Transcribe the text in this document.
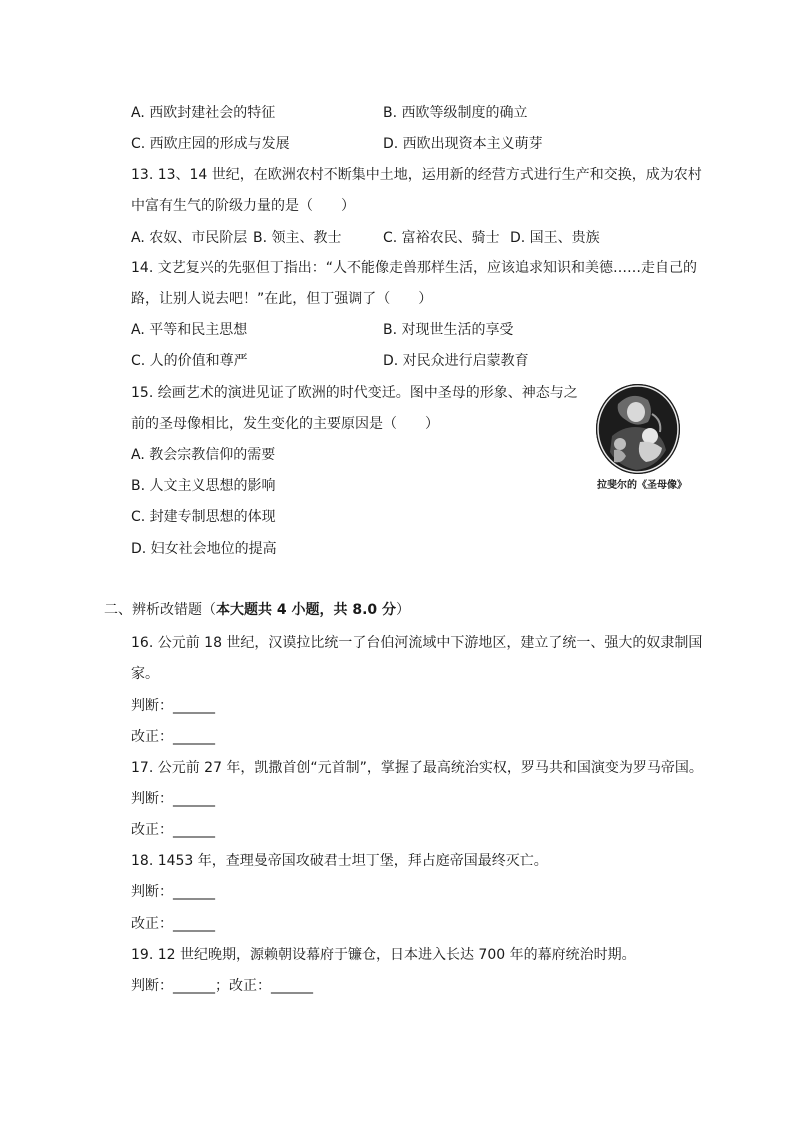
A. 西欧封建社会的特征	B. 西欧等级制度的确立
C. 西欧庄园的形成与发展	D. 西欧出现资本主义萌芽
13. 13、14 世纪，在欧洲农村不断集中土地，运用新的经营方式进行生产和交换，成为农村
中富有生气的阶级力量的是（　　）
A. 农奴、市民阶层 B. 领主、教士	C. 富裕农民、骑士 D. 国王、贵族
14. 文艺复兴的先驱但丁指出：“人不能像走兽那样生活，应该追求知识和美德……走自己的
路，让别人说去吧！”在此，但丁强调了（　　）
A. 平等和民主思想	B. 对现世生活的享受
C. 人的价值和尊严	D. 对民众进行启蒙教育
15. 绘画艺术的演进见证了欧洲的时代变迁。图中圣母的形象、神态与之
前的圣母像相比，发生变化的主要原因是（　　）
A. 教会宗教信仰的需要
B. 人文主义思想的影响
C. 封建专制思想的体现
D. 妇女社会地位的提高
拉斐尔的《圣母像》
二、辨析改错题（本大题共 4 小题，共 8.0 分）
16. 公元前 18 世纪，汉谟拉比统一了台伯河流域中下游地区，建立了统一、强大的奴隶制国
家。
判断：______
改正：______
17. 公元前 27 年，凯撒首创“元首制”，掌握了最高统治实权，罗马共和国演变为罗马帝国。
判断：______
改正：______
18. 1453 年，查理曼帝国攻破君士坦丁堡，拜占庭帝国最终灭亡。
判断：______
改正：______
19. 12 世纪晚期，源赖朝设幕府于镰仓，日本进入长达 700 年的幕府统治时期。
判断：______；改正：______
